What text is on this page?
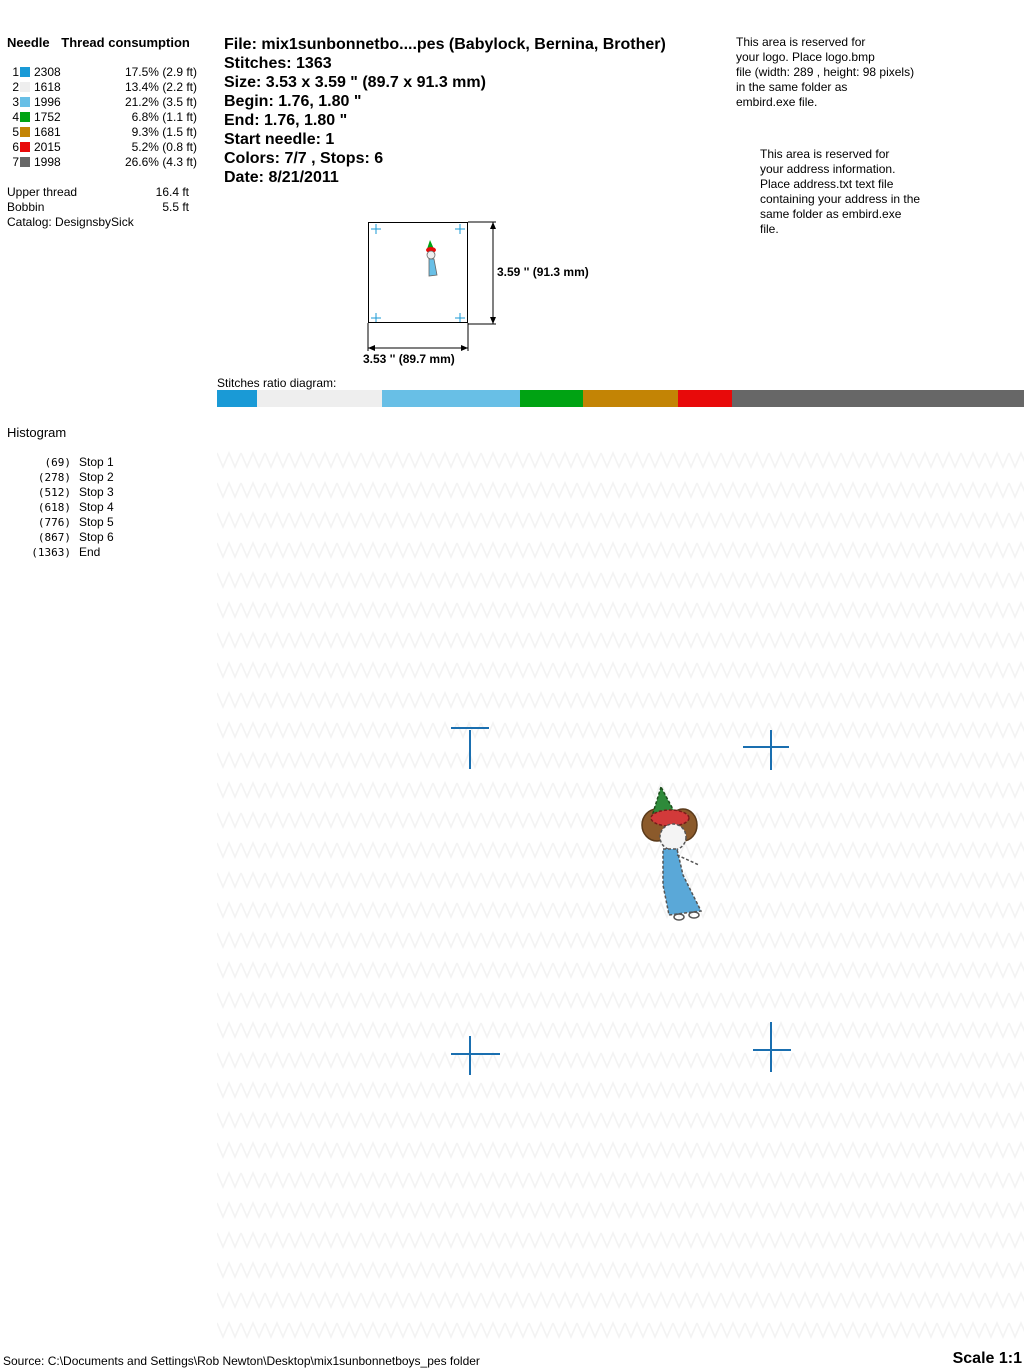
Needle Thread consumption
1 2308	17.5% (2.9 ft)
2 1618	13.4% (2.2 ft)
3 1996	21.2% (3.5 ft)
4 1752	6.8% (1.1 ft)
5 1681	9.3% (1.5 ft)
6 2015	5.2% (0.8 ft)
7 1998	26.6% (4.3 ft)
Upper thread	16.4 ft
Bobbin	5.5 ft
Catalog: DesignsbySick
File: mix1sunbonnetbo....pes (Babylock, Bernina, Brother)
Stitches: 1363
Size: 3.53 x 3.59 " (89.7 x 91.3 mm)
Begin: 1.76, 1.80 "
End: 1.76, 1.80 "
Start needle: 1
Colors: 7/7 , Stops: 6
Date: 8/21/2011
This area is reserved for
your logo. Place logo.bmp
file (width: 289 , height: 98 pixels)
in the same folder as
embird.exe file.
This area is reserved for
your address information.
Place address.txt text file
containing your address in the
same folder as embird.exe
file.
3.59 '' (91.3 mm)
3.53 '' (89.7 mm)
Stitches ratio diagram:
Histogram
(69) Stop 1
(278) Stop 2
(512) Stop 3
(618) Stop 4
(776) Stop 5
(867) Stop 6
(1363) End
Source: C:\Documents and Settings\Rob Newton\Desktop\mix1sunbonnetboys_pes folder	Scale 1:1
